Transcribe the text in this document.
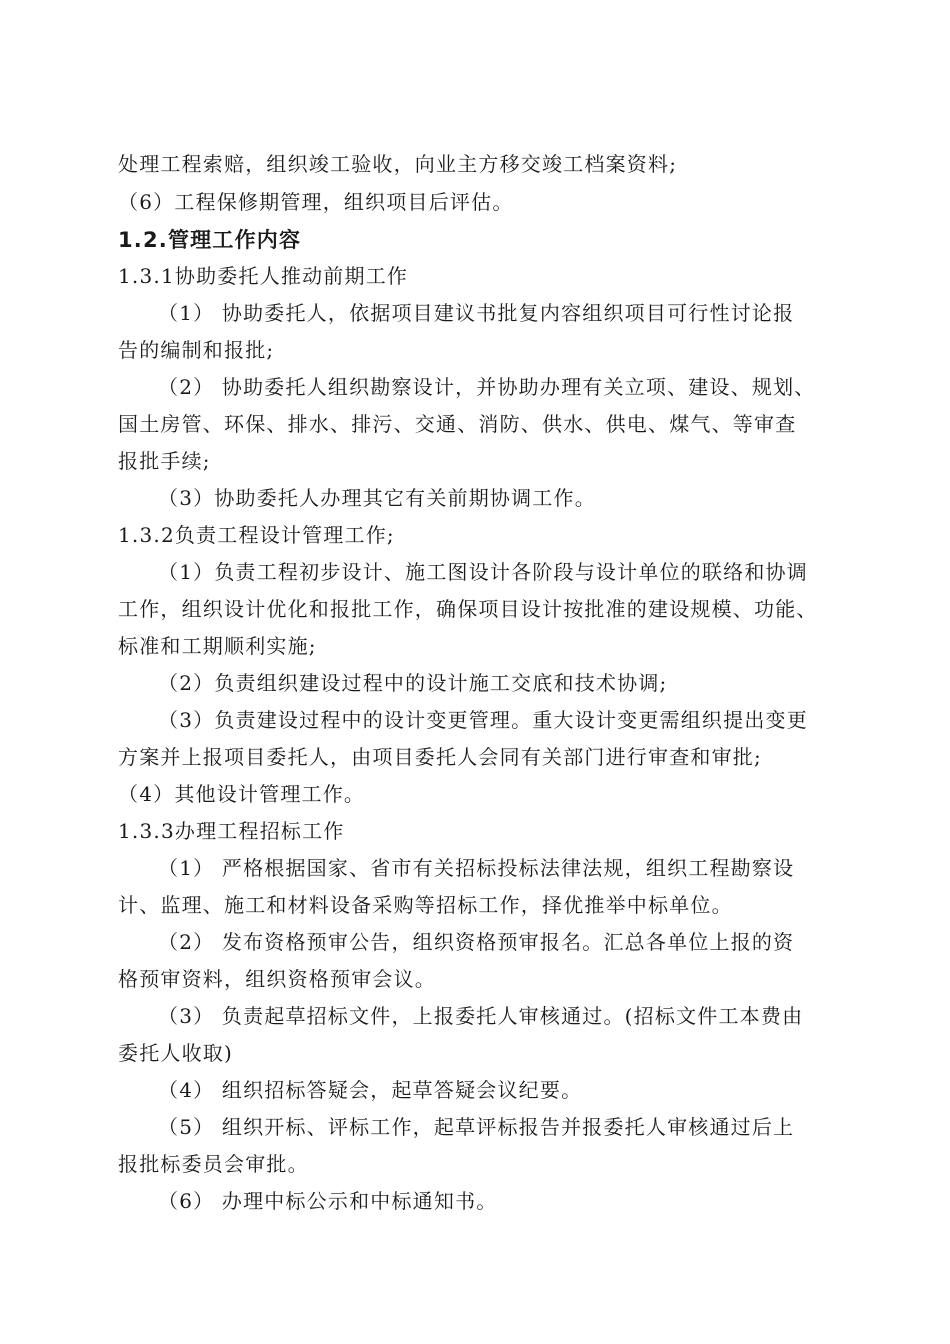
处理工程索赔，组织竣工验收，向业主方移交竣工档案资料;
（6）工程保修期管理，组织项目后评估。
1.2.管理工作内容
1.3.1协助委托人推动前期工作
（1） 协助委托人，依据项目建议书批复内容组织项目可行性讨论报
告的编制和报批;
（2） 协助委托人组织勘察设计，并协助办理有关立项、建设、规划、
国土房管、环保、排水、排污、交通、消防、供水、供电、煤气、等审查
报批手续;
（3）协助委托人办理其它有关前期协调工作。
1.3.2负责工程设计管理工作;
（1）负责工程初步设计、施工图设计各阶段与设计单位的联络和协调
工作，组织设计优化和报批工作，确保项目设计按批准的建设规模、功能、
标准和工期顺利实施;
（2）负责组织建设过程中的设计施工交底和技术协调;
（3）负责建设过程中的设计变更管理。重大设计变更需组织提出变更
方案并上报项目委托人，由项目委托人会同有关部门进行审查和审批;
（4）其他设计管理工作。
1.3.3办理工程招标工作
（1） 严格根据国家、省市有关招标投标法律法规，组织工程勘察设
计、监理、施工和材料设备采购等招标工作，择优推举中标单位。
（2） 发布资格预审公告，组织资格预审报名。汇总各单位上报的资
格预审资料，组织资格预审会议。
（3） 负责起草招标文件，上报委托人审核通过。(招标文件工本费由
委托人收取)
（4） 组织招标答疑会，起草答疑会议纪要。
（5） 组织开标、评标工作，起草评标报告并报委托人审核通过后上
报批标委员会审批。
（6） 办理中标公示和中标通知书。
